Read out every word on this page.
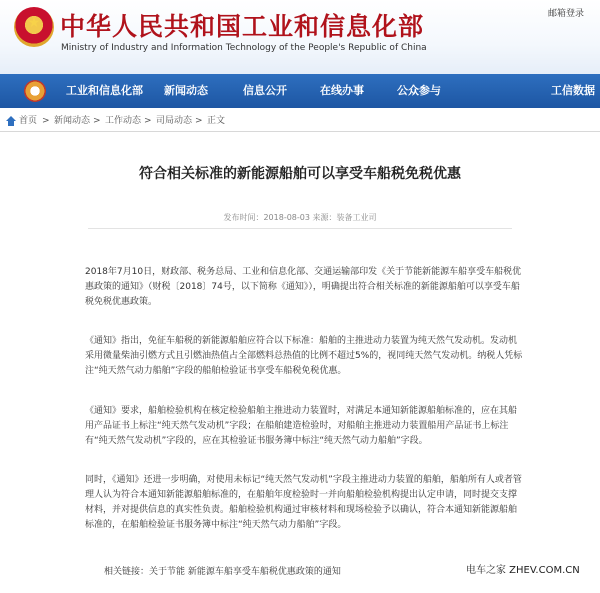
★ 中华人民共和国工业和信息化部
Ministry of Industry and Information Technology of the People's Republic of China
邮箱登录
工业和信息化部 新闻动态	信息公开	在线办事	公众参与	工信数据
首页 > 新闻动态 > 工作动态 > 司局动态 > 正文
符合相关标准的新能源船舶可以享受车船税免税优惠
发布时间：2018-08-03 来源：装备工业司
2018年7月10日，财政部、税务总局、工业和信息化部、交通运输部印发《关于节能新能源车船享受车船税优惠政策的通知》（财税〔2018〕74号，以下简称《通知》），明确提出符合相关标准的新能源船舶可以享受车船税免税优惠政策。
《通知》指出，免征车船税的新能源船舶应符合以下标准：船舶的主推进动力装置为纯天然气发动机。发动机采用微量柴油引燃方式且引燃油热值占全部燃料总热值的比例不超过5%的，视同纯天然气发动机。纳税人凭标注“纯天然气动力船舶”字段的船舶检验证书享受车船税免税优惠。
《通知》要求，船舶检验机构在核定检验船舶主推进动力装置时，对满足本通知新能源船舶标准的，应在其船用产品证书上标注“纯天然气发动机”字段；在船舶建造检验时，对船舶主推进动力装置船用产品证书上标注有“纯天然气发动机”字段的，应在其检验证书服务簿中标注“纯天然气动力船舶”字段。
同时，《通知》还进一步明确，对使用未标记“纯天然气发动机”字段主推进动力装置的船舶，船舶所有人或者管理人认为符合本通知新能源船舶标准的，在船舶年度检验时一并向船舶检验机构提出认定申请，同时提交支撑材料，并对提供信息的真实性负责。船舶检验机构通过审核材料和现场检验予以确认，符合本通知新能源船舶标准的，在船舶检验证书服务簿中标注“纯天然气动力船舶”字段。
相关链接：关于节能 新能源车船享受车船税优惠政策的通知	电车之家 ZHEV.COM.CN
